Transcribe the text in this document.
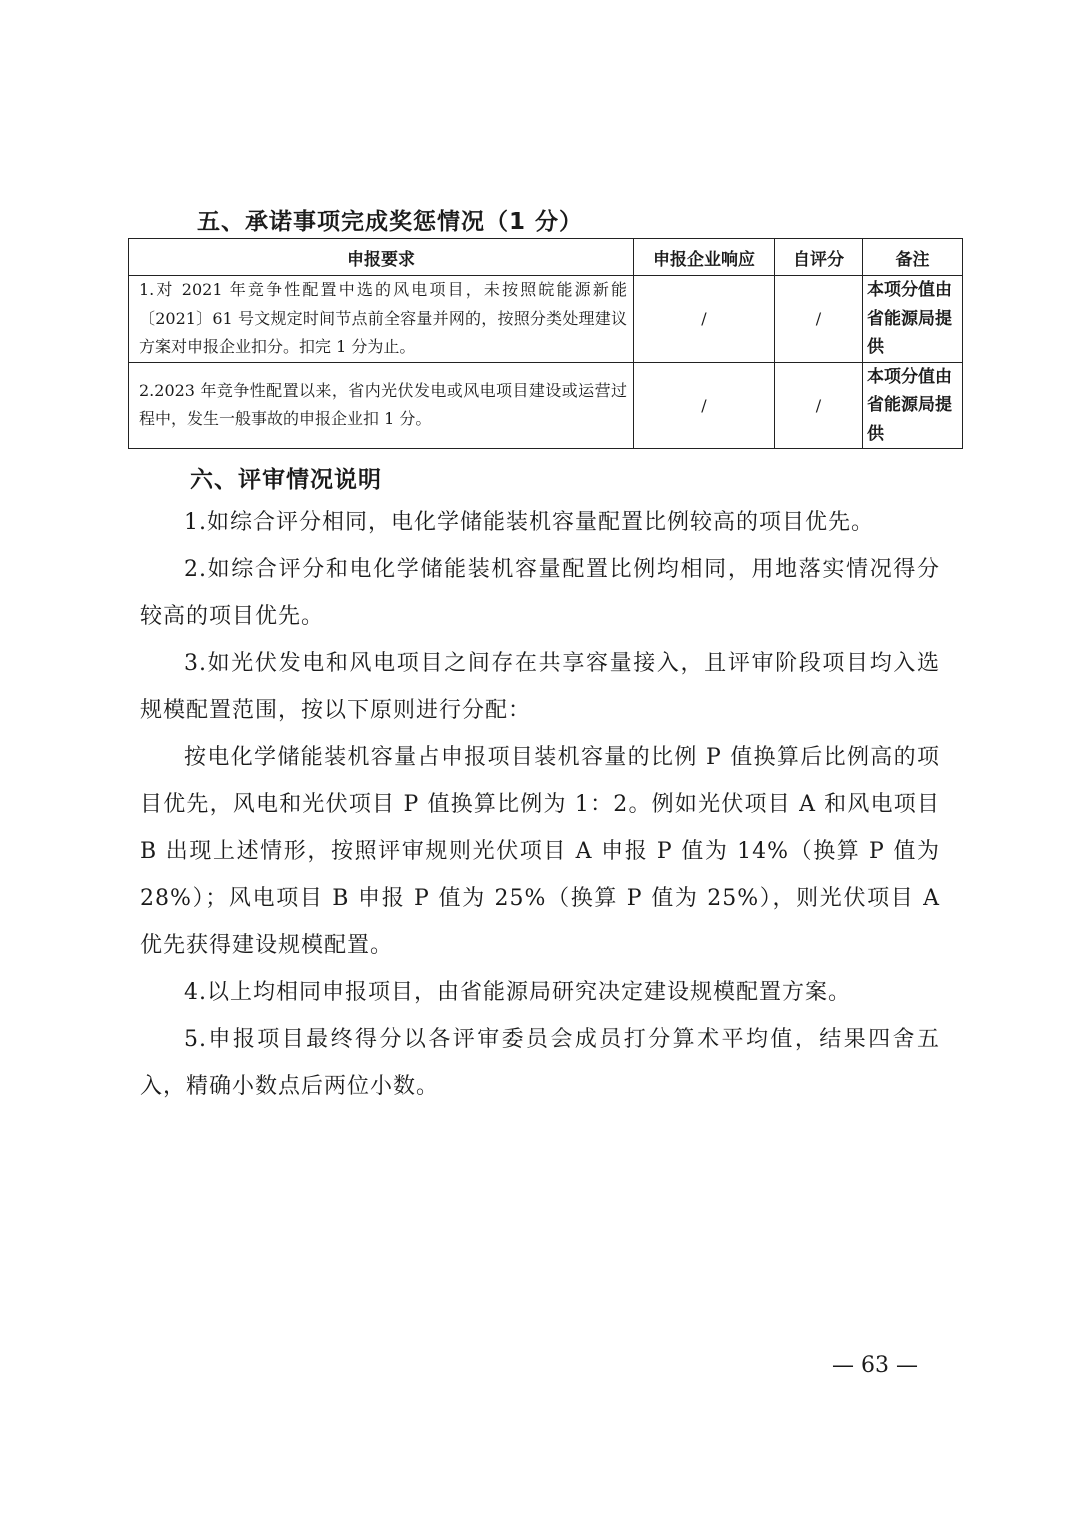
五、承诺事项完成奖惩情况（1 分）
申报要求	申报企业响应	自评分	备注
1.对 2021 年竞争性配置中选的风电项目，未按照皖能源新能〔2021〕61 号文规定时间节点前全容量并网的，按照分类处理建议方案对申报企业扣分。扣完 1 分为止。	/	/	本项分值由省能源局提供
2.2023 年竞争性配置以来，省内光伏发电或风电项目建设或运营过程中，发生一般事故的申报企业扣 1 分。	/	/	本项分值由省能源局提供
六、评审情况说明

1.如综合评分相同，电化学储能装机容量配置比例较高的项目优先。

2.如综合评分和电化学储能装机容量配置比例均相同，用地落实情况得分较高的项目优先。

3.如光伏发电和风电项目之间存在共享容量接入，且评审阶段项目均入选规模配置范围，按以下原则进行分配：

按电化学储能装机容量占申报项目装机容量的比例 P 值换算后比例高的项目优先，风电和光伏项目 P 值换算比例为 1：2。例如光伏项目 A 和风电项目 B 出现上述情形，按照评审规则光伏项目 A 申报 P 值为 14%（换算 P 值为 28%）；风电项目 B 申报 P 值为 25%（换算 P 值为 25%），则光伏项目 A 优先获得建设规模配置。

4.以上均相同申报项目，由省能源局研究决定建设规模配置方案。

5.申报项目最终得分以各评审委员会成员打分算术平均值，结果四舍五入，精确小数点后两位小数。

— 63 —
